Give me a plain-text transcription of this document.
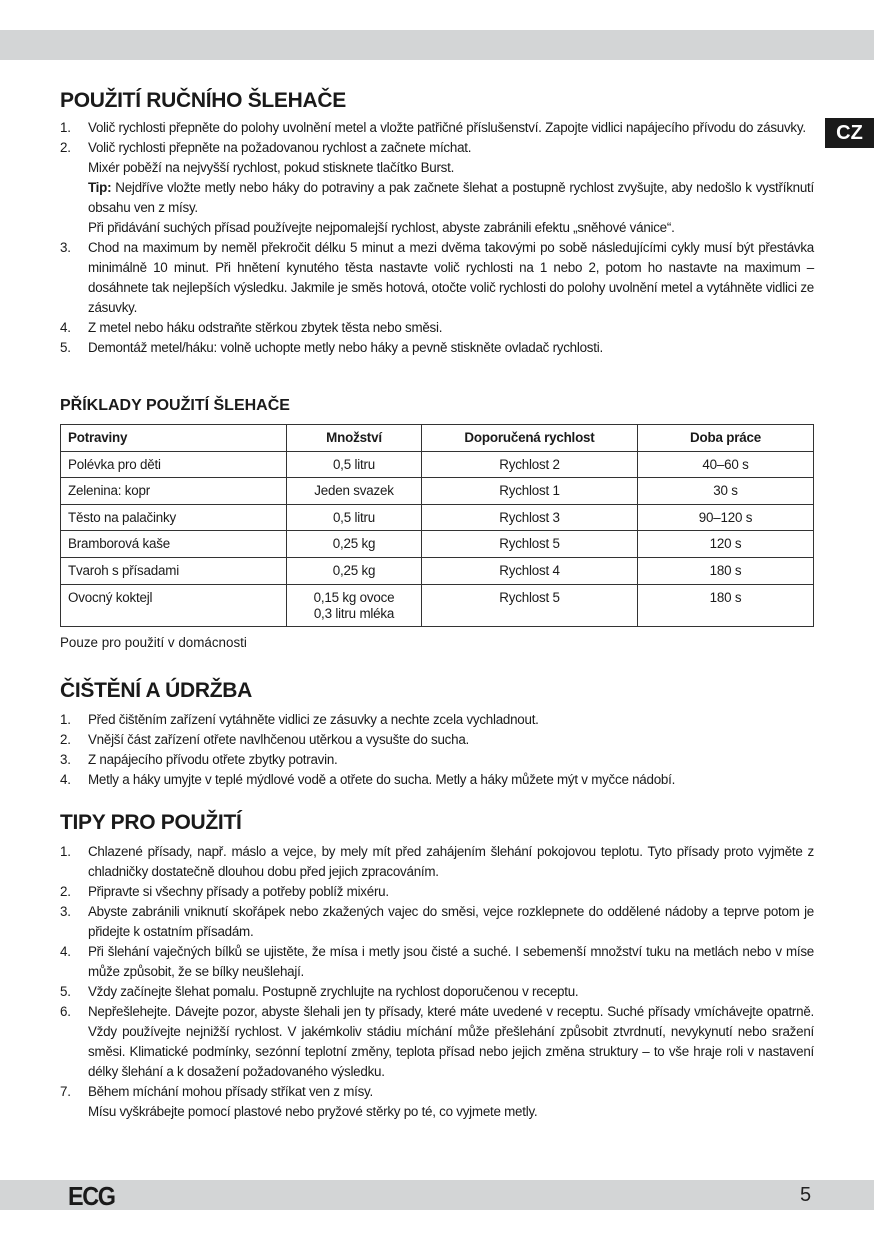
CZ
POUŽITÍ RUČNÍHO ŠLEHAČE
1.	Volič rychlosti přepněte do polohy uvolnění metel a vložte patřičné příslušenství. Zapojte vidlici napájecího přívodu do zásuvky.
2.	Volič rychlosti přepněte na požadovanou rychlost a začnete míchat.

Mixér poběží na nejvyšší rychlost, pokud stisknete tlačítko Burst.

Tip: Nejdříve vložte metly nebo háky do potraviny a pak začnete šlehat a postupně rychlost zvyšujte, aby nedošlo k vystříknutí obsahu ven z mísy.

Při přidávání suchých přísad používejte nejpomalejší rychlost, abyste zabránili efektu „sněhové vánice“.

3.	Chod na maximum by neměl překročit délku 5 minut a mezi dvěma takovými po sobě následujícími cykly musí být přestávka minimálně 10 minut. Při hnětení kynutého těsta nastavte volič rychlosti na 1 nebo 2, potom ho nastavte na maximum – dosáhnete tak nejlepších výsledku. Jakmile je směs hotová, otočte volič rychlosti do polohy uvolnění metel a vytáhněte vidlici ze zásuvky.
4.	Z metel nebo háku odstraňte stěrkou zbytek těsta nebo směsi.
5.	Demontáž metel/háku: volně uchopte metly nebo háky a pevně stiskněte ovladač rychlosti.
PŘÍKLADY POUŽITÍ ŠLEHAČE
Potraviny	Množství	Doporučená rychlost	Doba práce

Polévka pro děti	0,5 litru	Rychlost 2	40–60 s

Zelenina: kopr	Jeden svazek	Rychlost 1	30 s

Těsto na palačinky	0,5 litru	Rychlost 3	90–120 s

Bramborová kaše	0,25 kg	Rychlost 5	120 s

Tvaroh s přísadami	0,25 kg	Rychlost 4	180 s

Ovocný koktejl	0,15 kg ovoce
0,3 litru mléka	Rychlost 5	180 s

Pouze pro použití v domácnosti

ČIŠTĚNÍ A ÚDRŽBA
1.	Před čištěním zařízení vytáhněte vidlici ze zásuvky a nechte zcela vychladnout.

2.	Vnější část zařízení otřete navlhčenou utěrkou a vysušte do sucha.

3.	Z napájecího přívodu otřete zbytky potravin.

4.	Metly a háky umyjte v teplé mýdlové vodě a otřete do sucha. Metly a háky můžete mýt v myčce nádobí.

TIPY PRO POUŽITÍ
1.	Chlazené přísady, např. máslo a vejce, by mely mít před zahájením šlehání pokojovou teplotu. Tyto přísady proto vyjměte z chladničky dostatečně dlouhou dobu před jejich zpracováním.

2.	Připravte si všechny přísady a potřeby poblíž mixéru.

3.	Abyste zabránili vniknutí skořápek nebo zkažených vajec do směsi, vejce rozklepnete do oddělené nádoby a teprve potom je přidejte k ostatním přísadám.

4.	Při šlehání vaječných bílků se ujistěte, že mísa i metly jsou čisté a suché. I sebemenší množství tuku na metlách nebo v míse může způsobit, že se bílky neušlehají.

5.	Vždy začínejte šlehat pomalu. Postupně zrychlujte na rychlost doporučenou v receptu.

6.	Nepřešlehejte. Dávejte pozor, abyste šlehali jen ty přísady, které máte uvedené v receptu. Suché přísady vmíchávejte opatrně. Vždy používejte nejnižší rychlost. V jakémkoliv stádiu míchání může přešlehání způsobit ztvrdnutí, nevykynutí nebo sražení směsi. Klimatické podmínky, sezónní teplotní změny, teplota přísad nebo jejich změna struktury – to vše hraje roli v nastavení délky šlehání a k dosažení požadovaného výsledku.

7.	Během míchání mohou přísady stříkat ven z mísy.

Mísu vyškrábejte pomocí plastové nebo pryžové stěrky po té, co vyjmete metly.

ECG	5
